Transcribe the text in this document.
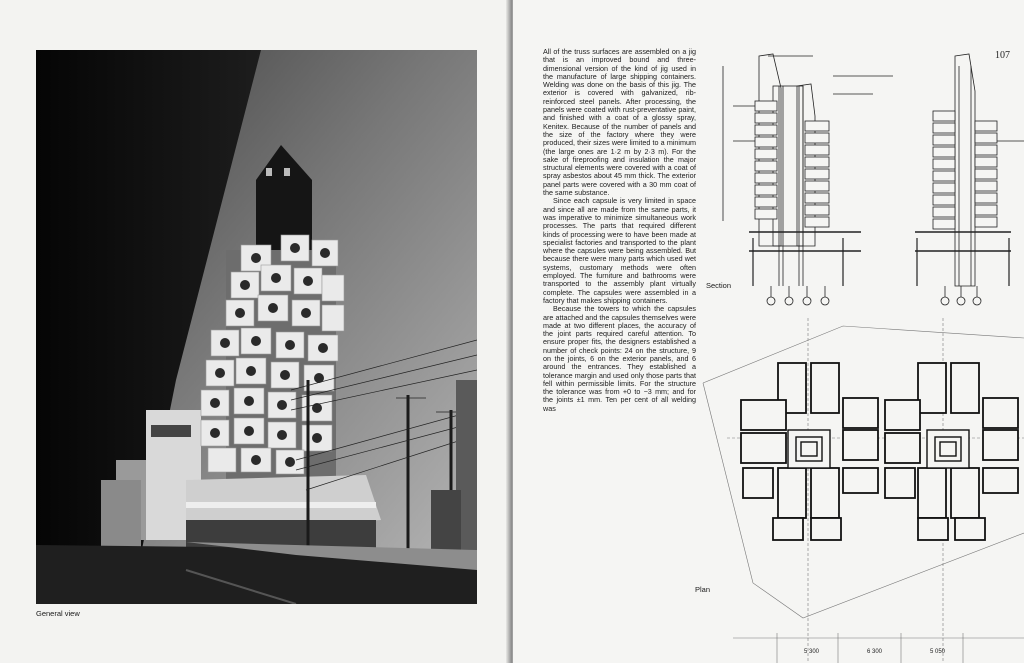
General view
107

All of the truss surfaces are assembled on a jig that is an improved bound and three-dimensional version of the kind of jig used in the manufacture of large shipping containers. Welding was done on the basis of this jig. The exterior is covered with galvanized, rib-reinforced steel panels. After processing, the panels were coated with rust-preventative paint, and finished with a coat of a glossy spray, Kenitex. Because of the number of panels and the size of the factory where they were produced, their sizes were limited to a minimum (the large ones are 1·2 m by 2·3 m). For the sake of fireproofing and insulation the major structural elements were covered with a coat of spray asbestos about 45 mm thick. The exterior panel parts were covered with a 30 mm coat of the same substance.

Since each capsule is very limited in space and since all are made from the same parts, it was imperative to minimize simultaneous work processes. The parts that required different kinds of processing were to have been made at specialist factories and transported to the plant where the capsules were being assembled. But because there were many parts which used wet systems, customary methods were often employed. The furniture and bathrooms were transported to the assembly plant virtually complete. The capsules were assembled in a factory that makes shipping containers.

Because the towers to which the capsules are attached and the capsules themselves were made at two different places, the accuracy of the joint parts required careful attention. To ensure proper fits, the designers established a number of check points: 24 on the structure, 9 on the joints, 6 on the exterior panels, and 6 around the entrances. They established a tolerance margin and used only those parts that fell within permissible limits. For the structure the tolerance was from +0 to −3 mm; and for the joints ±1 mm. Ten per cent of all welding was

Section
5 300	6 300	5 050
Plan
